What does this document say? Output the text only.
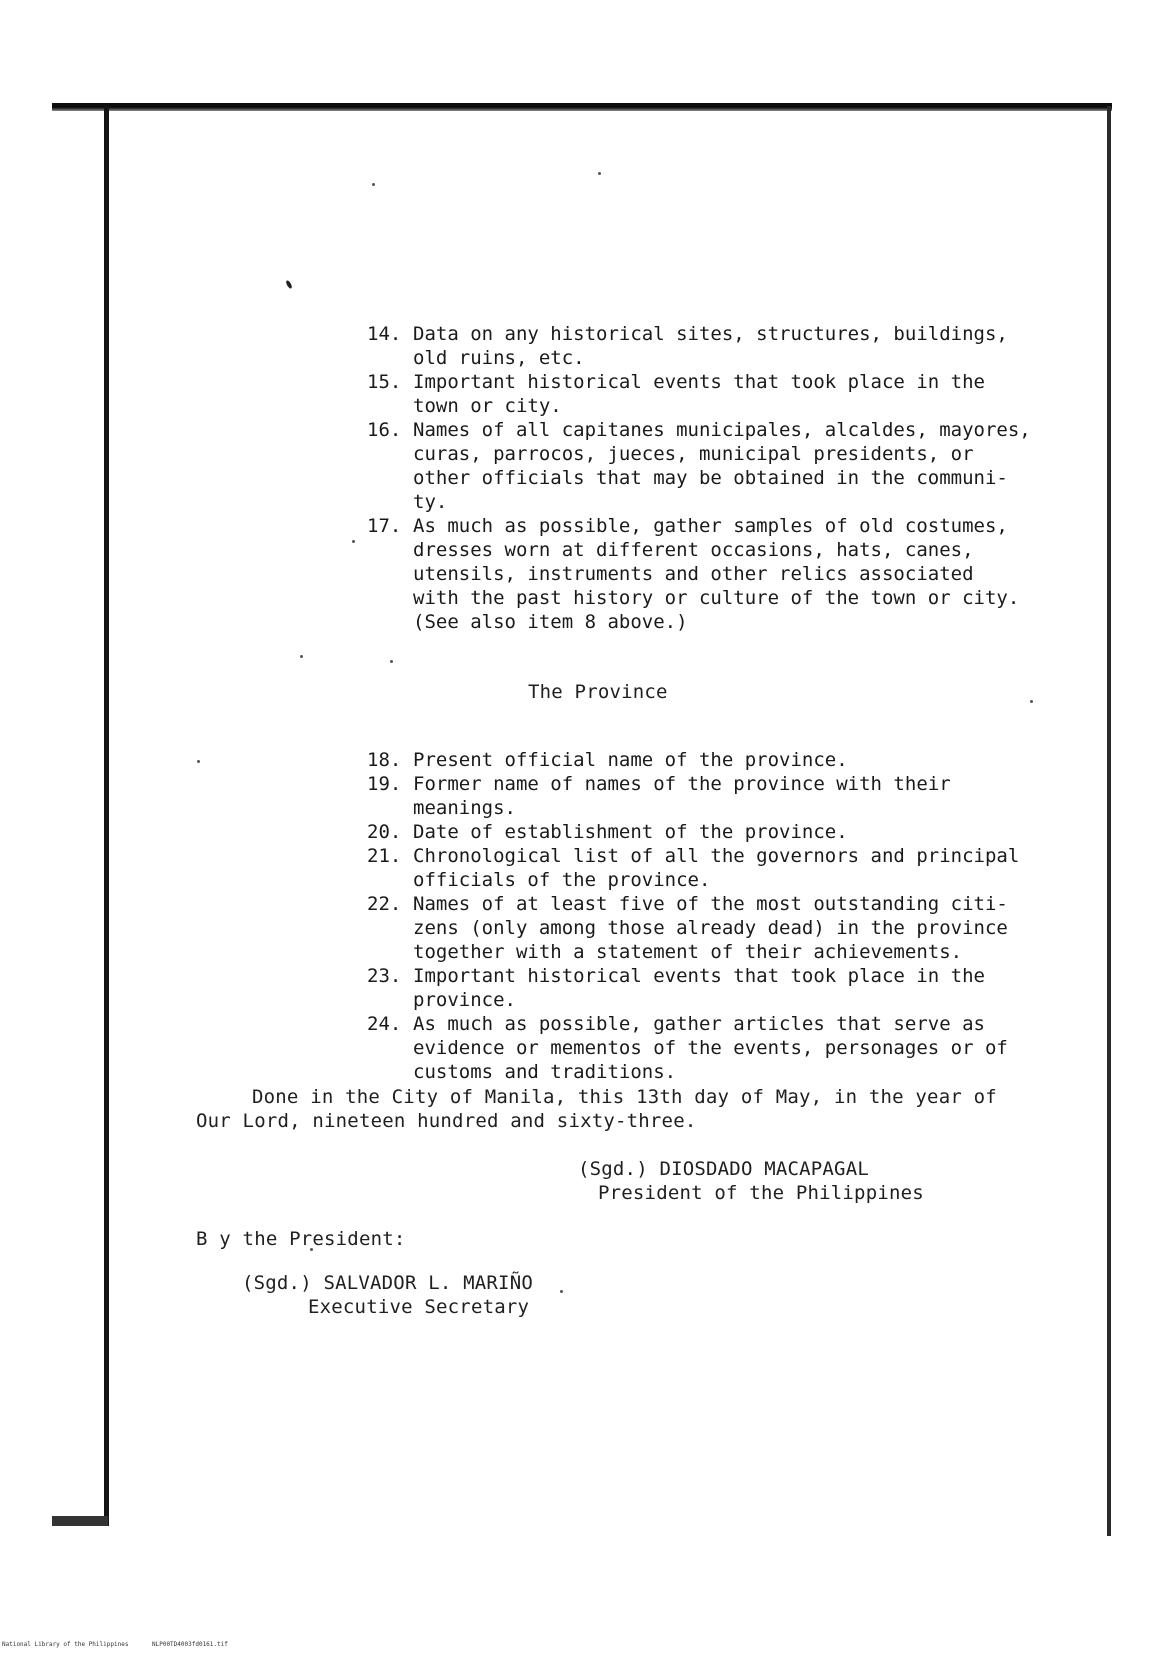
14. Data on any historical sites, structures, buildings,
old ruins, etc.
15. Important historical events that took place in the
town or city.
16. Names of all capitanes municipales, alcaldes, mayores,
curas, parrocos, jueces, municipal presidents, or
other officials that may be obtained in the communi-
ty.
17. As much as possible, gather samples of old costumes,
dresses worn at different occasions, hats, canes,
utensils, instruments and other relics associated
with the past history or culture of the town or city.
(See also item 8 above.)
The Province
18. Present official name of the province.
19. Former name of names of the province with their
meanings.
20. Date of establishment of the province.
21. Chronological list of all the governors and principal
officials of the province.
22. Names of at least five of the most outstanding citi-
zens (only among those already dead) in the province
together with a statement of their achievements.
23. Important historical events that took place in the
province.
24. As much as possible, gather articles that serve as
evidence or mementos of the events, personages or of
customs and traditions.
Done in the City of Manila, this 13th day of May, in the year of
Our Lord, nineteen hundred and sixty-three.
(Sgd.) DIOSDADO MACAPAGAL
President of the Philippines
B y the President:
(Sgd.) SALVADOR L. MARIÑO
Executive Secretary
National Library of the Philippines	NLP00TD4003fd0161.tif
